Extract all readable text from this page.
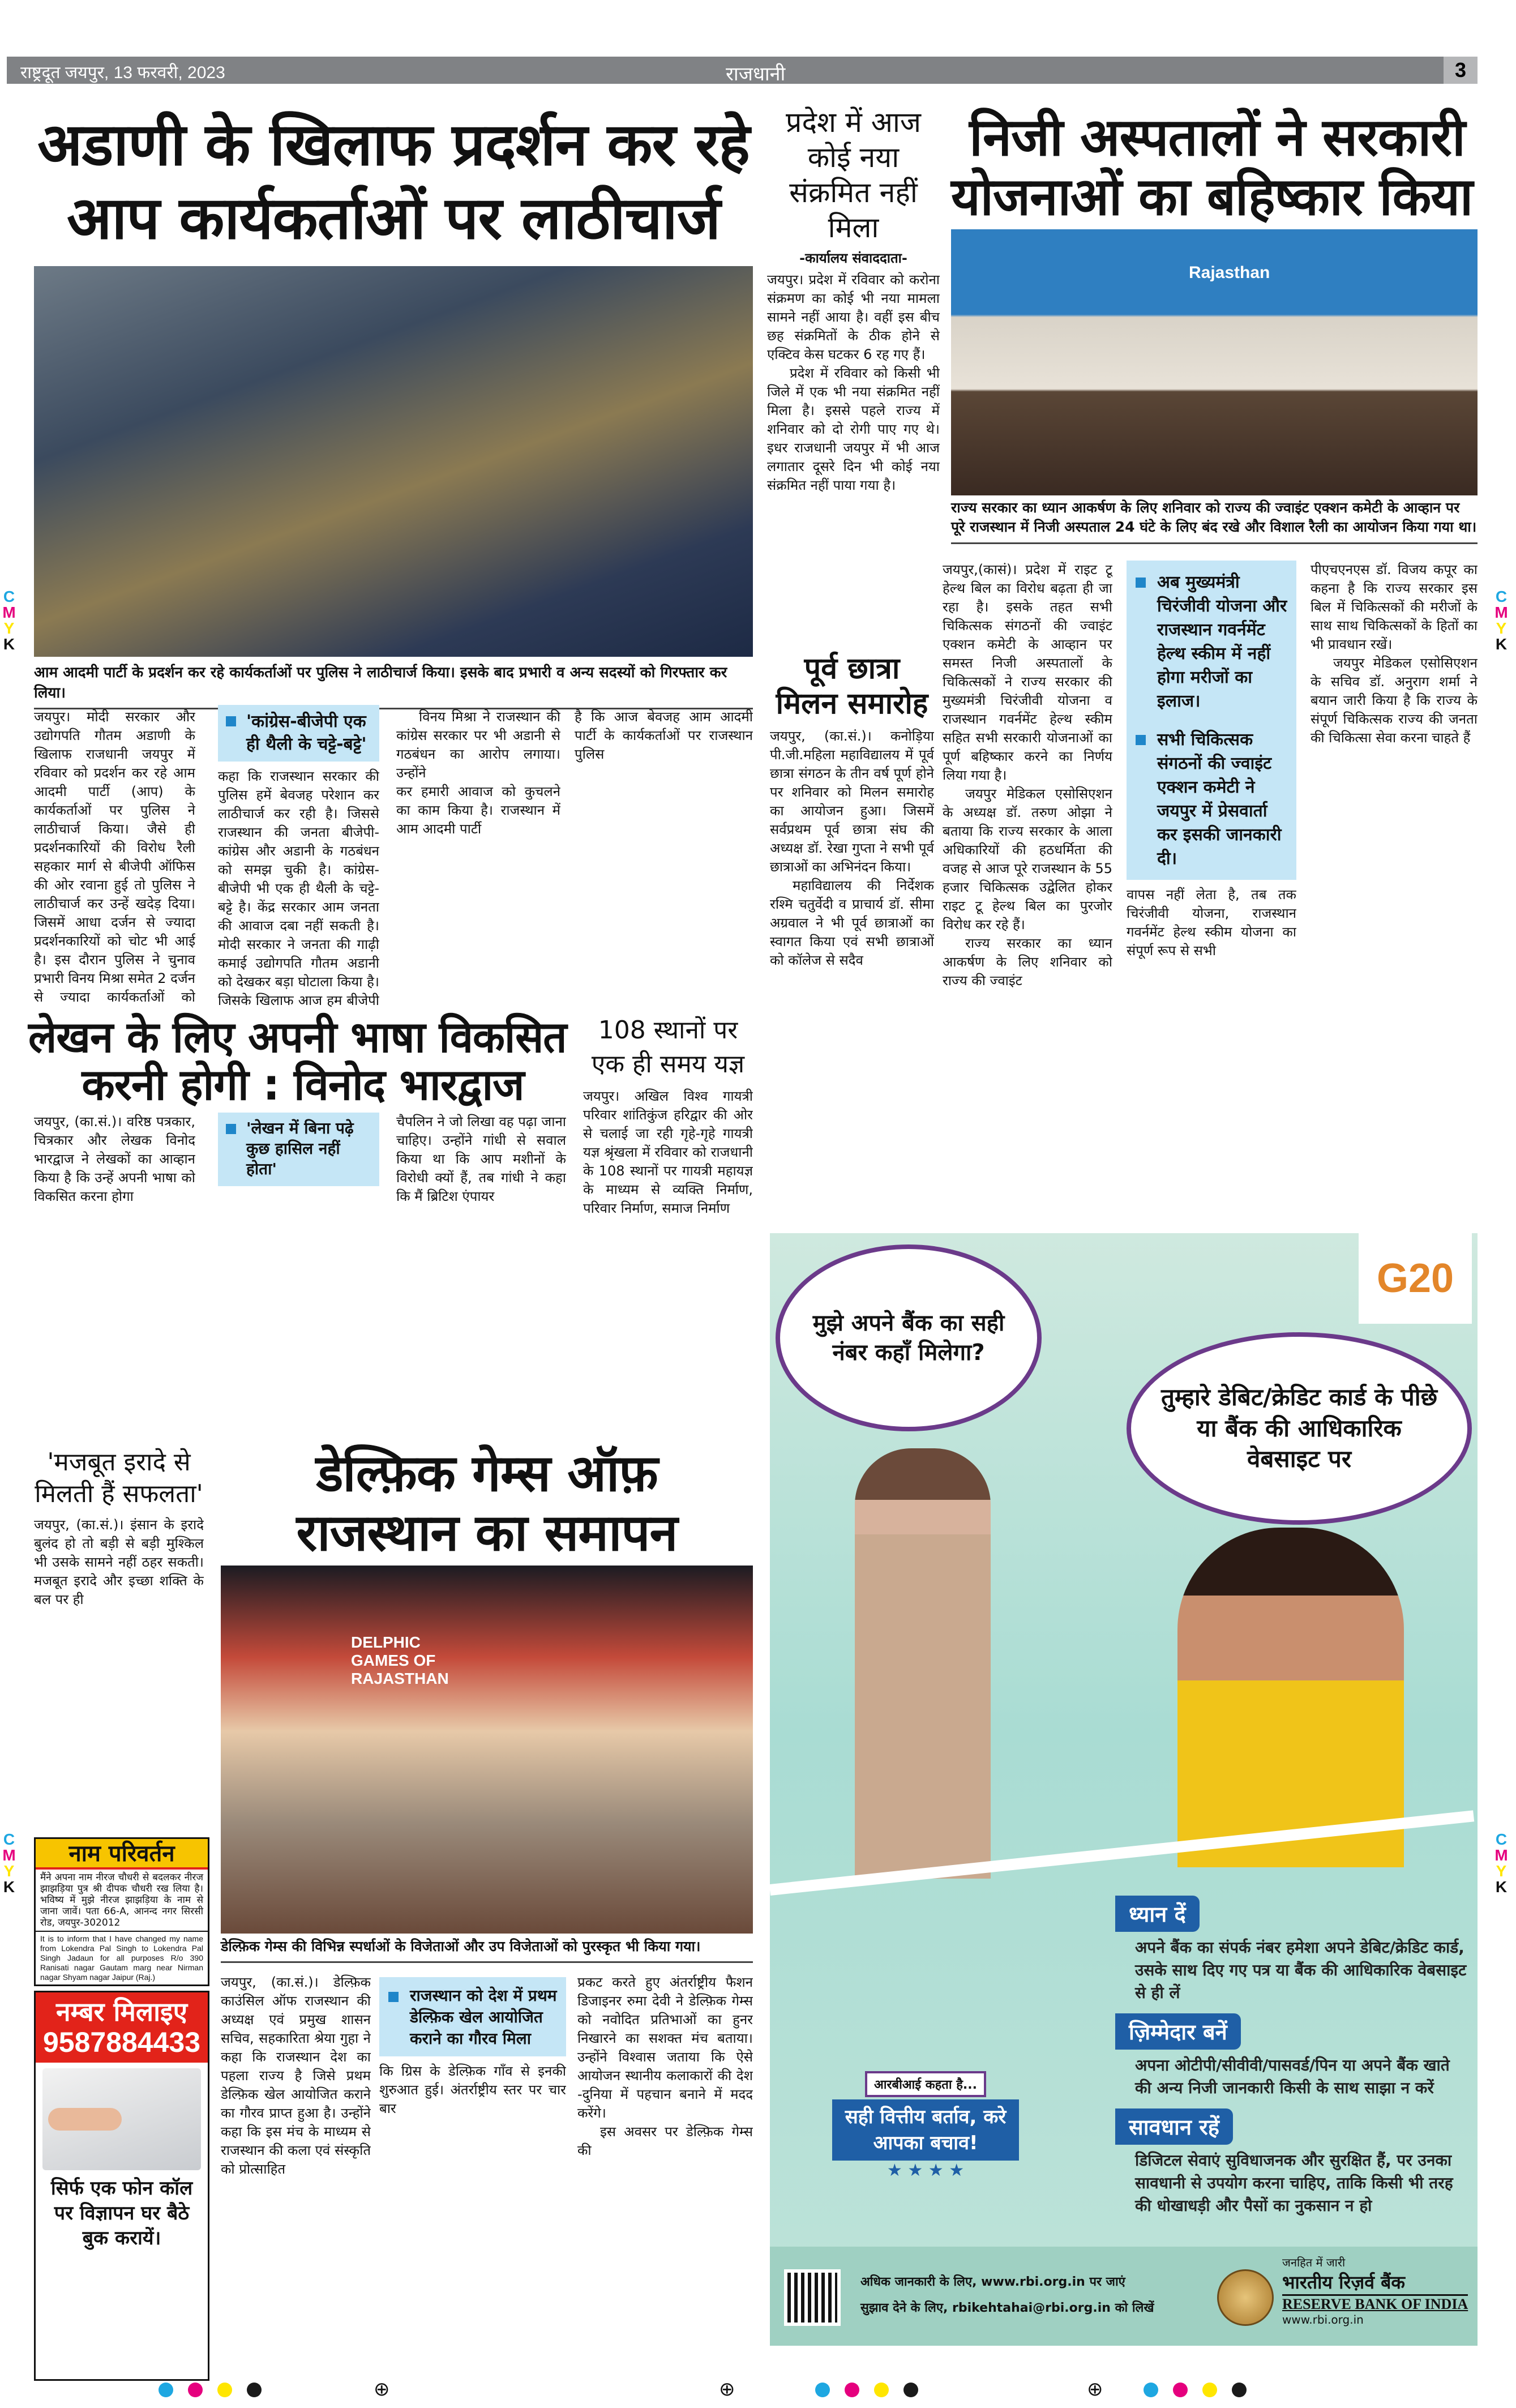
राष्ट्रदूत जयपुर, 13 फरवरी, 2023	राजधानी	3
अडाणी के खिलाफ प्रदर्शन कर रहे
आप कार्यकर्ताओं पर लाठीचार्ज
आम आदमी पार्टी के प्रदर्शन कर रहे कार्यकर्ताओं पर पुलिस ने लाठीचार्ज किया। इसके बाद प्रभारी व अन्य सदस्यों को गिरफ्तार कर लिया।

जयपुर। मोदी सरकार और उद्योगपति गौतम अडाणी के खिलाफ राजधानी जयपुर में रविवार को प्रदर्शन कर रहे आम आदमी पार्टी (आप) के कार्यकर्ताओं पर पुलिस ने लाठीचार्ज किया। जैसे ही प्रदर्शनकारियों की विरोध रैली सहकार मार्ग से बीजेपी ऑफिस की ओर रवाना हुई तो पुलिस ने लाठीचार्ज कर उन्हें खदेड़ दिया। जिसमें आधा दर्जन से ज्यादा प्रदर्शनकारियों को चोट भी आई है। इस दौरान पुलिस ने चुनाव प्रभारी विनय मिश्रा समेत 2 दर्जन से ज्यादा कार्यकर्ताओं को

'कांग्रेस-बीजेपी एक ही थैली के चट्टे-बट्टे'

कहा कि राजस्थान सरकार की पुलिस हमें बेवजह परेशान कर लाठीचार्ज कर रही है। जिससे राजस्थान की जनता बीजेपी-कांग्रेस और अडानी के गठबंधन को समझ चुकी है। कांग्रेस-बीजेपी भी एक ही थैली के चट्टे-बट्टे है। केंद्र सरकार आम जनता की आवाज दबा नहीं सकती है। मोदी सरकार ने जनता की गाढ़ी कमाई उद्योगपति गौतम अडानी को देखकर बड़ा घोटाला किया है। जिसके खिलाफ आज हम बीजेपी

विनय मिश्रा ने राजस्थान की कांग्रेस सरकार पर भी अडानी से गठबंधन का आरोप लगाया। उन्होंने

कर हमारी आवाज को कुचलने का काम किया है। राजस्थान में आम आदमी पार्टी

है कि आज बेवजह आम आदमी पार्टी के कार्यकर्ताओं पर राजस्थान पुलिस

प्रदेश में आज कोई नया संक्रमित नहीं मिला
-कार्यालय संवाददाता-

जयपुर। प्रदेश में रविवार को करोना संक्रमण का कोई भी नया मामला सामने नहीं आया है। वहीं इस बीच छह संक्रमितों के ठीक होने से एक्टिव केस घटकर 6 रह गए हैं।

प्रदेश में रविवार को किसी भी जिले में एक भी नया संक्रमित नहीं मिला है। इससे पहले राज्य में शनिवार को दो रोगी पाए गए थे। इधर राजधानी जयपुर में भी आज लगातार दूसरे दिन भी कोई नया संक्रमित नहीं पाया गया है।

निजी अस्पतालों ने सरकारी
योजनाओं का बहिष्कार किया
Rajasthan
राज्य सरकार का ध्यान आकर्षण के लिए शनिवार को राज्य की ज्वाइंट एक्शन कमेटी के आव्हान पर पूरे राजस्थान में निजी अस्पताल 24 घंटे के लिए बंद रखे और विशाल रैली का आयोजन किया गया था।

जयपुर,(कासं)। प्रदेश में राइट टू हेल्थ बिल का विरोध बढ़ता ही जा रहा है। इसके तहत सभी चिकित्सक संगठनों की ज्वाइंट एक्शन कमेटी के आव्हान पर समस्त निजी अस्पतालों के चिकित्सकों ने राज्य सरकार की मुख्यमंत्री चिरंजीवी योजना व राजस्थान गवर्नमेंट हेल्थ स्कीम सहित सभी सरकारी योजनाओं का पूर्ण बहिष्कार करने का निर्णय लिया गया है।

जयपुर मेडिकल एसोसिएशन के अध्यक्ष डॉ. तरुण ओझा ने बताया कि राज्य सरकार के आला अधिकारियों की हठधर्मिता की वजह से आज पूरे राजस्थान के 55 हजार चिकित्सक उद्वेलित होकर राइट टू हेल्थ बिल का पुरजोर विरोध कर रहे हैं।

राज्य सरकार का ध्यान आकर्षण के लिए शनिवार को राज्य की ज्वाइंट

अब मुख्यमंत्री चिरंजीवी योजना और राजस्थान गवर्नमेंट हेल्थ स्कीम में नहीं होगा मरीजों का इलाज।
सभी चिकित्सक संगठनों की ज्वाइंट एक्शन कमेटी ने जयपुर में प्रेसवार्ता कर इसकी जानकारी दी।

वापस नहीं लेता है, तब तक चिरंजीवी योजना, राजस्थान गवर्नमेंट हेल्थ स्कीम योजना का संपूर्ण रूप से सभी

पीएचएनएस डॉ. विजय कपूर का कहना है कि राज्य सरकार इस बिल में चिकित्सकों की मरीजों के साथ साथ चिकित्सकों के हितों का भी प्रावधान रखें।

जयपुर मेडिकल एसोसिएशन के सचिव डॉ. अनुराग शर्मा ने बयान जारी किया है कि राज्य के संपूर्ण चिकित्सक राज्य की जनता की चिकित्सा सेवा करना चाहते हैं

पूर्व छात्रा मिलन समारोह

जयपुर, (का.सं.)। कनोड़िया पी.जी.महिला महाविद्यालय में पूर्व छात्रा संगठन के तीन वर्ष पूर्ण होने पर शनिवार को मिलन समारोह का आयोजन हुआ। जिसमें सर्वप्रथम पूर्व छात्रा संघ की अध्यक्ष डॉ. रेखा गुप्ता ने सभी पूर्व छात्राओं का अभिनंदन किया।

महाविद्यालय की निर्देशक रश्मि चतुर्वेदी व प्राचार्य डॉ. सीमा अग्रवाल ने भी पूर्व छात्राओं का स्वागत किया एवं सभी छात्राओं को कॉलेज से सदैव

लेखन के लिए अपनी भाषा विकसित
करनी होगी : विनोद भारद्वाज

जयपुर, (का.सं.)। वरिष्ठ पत्रकार, चित्रकार और लेखक विनोद भारद्वाज ने लेखकों का आव्हान किया है कि उन्हें अपनी भाषा को विकसित करना होगा

'लेखन में बिना पढ़े कुछ हासिल नहीं होता'

चैपलिन ने जो लिखा वह पढ़ा जाना चाहिए। उन्होंने गांधी से सवाल किया था कि आप मशीनों के विरोधी क्यों हैं, तब गांधी ने कहा कि मैं ब्रिटिश एंपायर

108 स्थानों पर एक ही समय यज्ञ

जयपुर। अखिल विश्व गायत्री परिवार शांतिकुंज हरिद्वार की ओर से चलाई जा रही गृहे-गृहे गायत्री यज्ञ श्रृंखला में रविवार को राजधानी के 108 स्थानों पर गायत्री महायज्ञ के माध्यम से व्यक्ति निर्माण, परिवार निर्माण, समाज निर्माण

'मजबूत इरादे से मिलती हैं सफलता'

जयपुर, (का.सं.)। इंसान के इरादे बुलंद हो तो बड़ी से बड़ी मुश्किल भी उसके सामने नहीं ठहर सकती। मजबूत इरादे और इच्छा शक्ति के बल पर ही

डेल्फ़िक गेम्स ऑफ़
राजस्थान का समापन
DELPHIC GAMES OF RAJASTHAN
डेल्फ़िक गेम्स की विभिन्न स्पर्धाओं के विजेताओं और उप विजेताओं को पुरस्कृत भी किया गया।

जयपुर, (का.सं.)। डेल्फ़िक काउंसिल ऑफ राजस्थान की अध्यक्ष एवं प्रमुख शासन सचिव, सहकारिता श्रेया गुहा ने कहा कि राजस्थान देश का पहला राज्य है जिसे प्रथम डेल्फ़िक खेल आयोजित कराने का गौरव प्राप्त हुआ है। उन्होंने कहा कि इस मंच के माध्यम से राजस्थान की कला एवं संस्कृति को प्रोत्साहित

राजस्थान को देश में प्रथम डेल्फ़िक खेल आयोजित कराने का गौरव मिला

कि ग्रिस के डेल्फ़िक गाँव से इनकी शुरुआत हुई। अंतर्राष्ट्रीय स्तर पर चार बार

प्रकट करते हुए अंतर्राष्ट्रीय फैशन डिजाइनर रुमा देवी ने डेल्फ़िक गेम्स को नवोदित प्रतिभाओं का हुनर निखारने का सशक्त मंच बताया। उन्होंने विश्वास जताया कि ऐसे आयोजन स्थानीय कलाकारों की देश -दुनिया में पहचान बनाने में मदद करेंगे।

इस अवसर पर डेल्फ़िक गेम्स की

नाम परिवर्तन
मैंने अपना नाम नीरज चौधरी से बदलकर नीरज झाझड़िया पुत्र श्री दीपक चौधरी रख लिया है। भविष्य में मुझे नीरज झाझड़िया के नाम से जाना जावें। पता 66-A, आनन्द नगर सिरसी रोड, जयपुर-302012
It is to inform that I have changed my name from Lokendra Pal Singh to Lokendra Pal Singh Jadaun for all purposes R/o 390 Ranisati nagar Gautam marg near Nirman nagar Shyam nagar Jaipur (Raj.)
नम्बर मिलाइए
9587884433
सिर्फ एक फोन कॉल पर विज्ञापन घर बैठे बुक करायें।
G20
मुझे अपने बैंक का सही नंबर कहाँ मिलेगा?
तुम्हारे डेबिट/क्रेडिट कार्ड के पीछे या बैंक की आधिकारिक वेबसाइट पर
ध्यान दें
अपने बैंक का संपर्क नंबर हमेशा अपने डेबिट/क्रेडिट कार्ड, उसके साथ दिए गए पत्र या बैंक की आधिकारिक वेबसाइट से ही लें
ज़िम्मेदार बनें
अपना ओटीपी/सीवीवी/पासवर्ड/पिन या अपने बैंक खाते की अन्य निजी जानकारी किसी के साथ साझा न करें
सावधान रहें
डिजिटल सेवाएं सुविधाजनक और सुरक्षित हैं, पर उनका सावधानी से उपयोग करना चाहिए, ताकि किसी भी तरह की धोखाधड़ी और पैसों का नुकसान न हो
आरबीआई कहता है...
सही वित्तीय बर्ताव, करे आपका बचाव!
★ ★ ★ ★
अधिक जानकारी के लिए, www.rbi.org.in पर जाएं
सुझाव देने के लिए, rbikehtahai@rbi.org.in को लिखें
जनहित में जारी
भारतीय रिज़र्व बैंक
RESERVE BANK OF INDIA
www.rbi.org.in
C
M
Y
K
C
M
Y
K
C
M
Y
K
C
M
Y
K
⊕	⊕	⊕
